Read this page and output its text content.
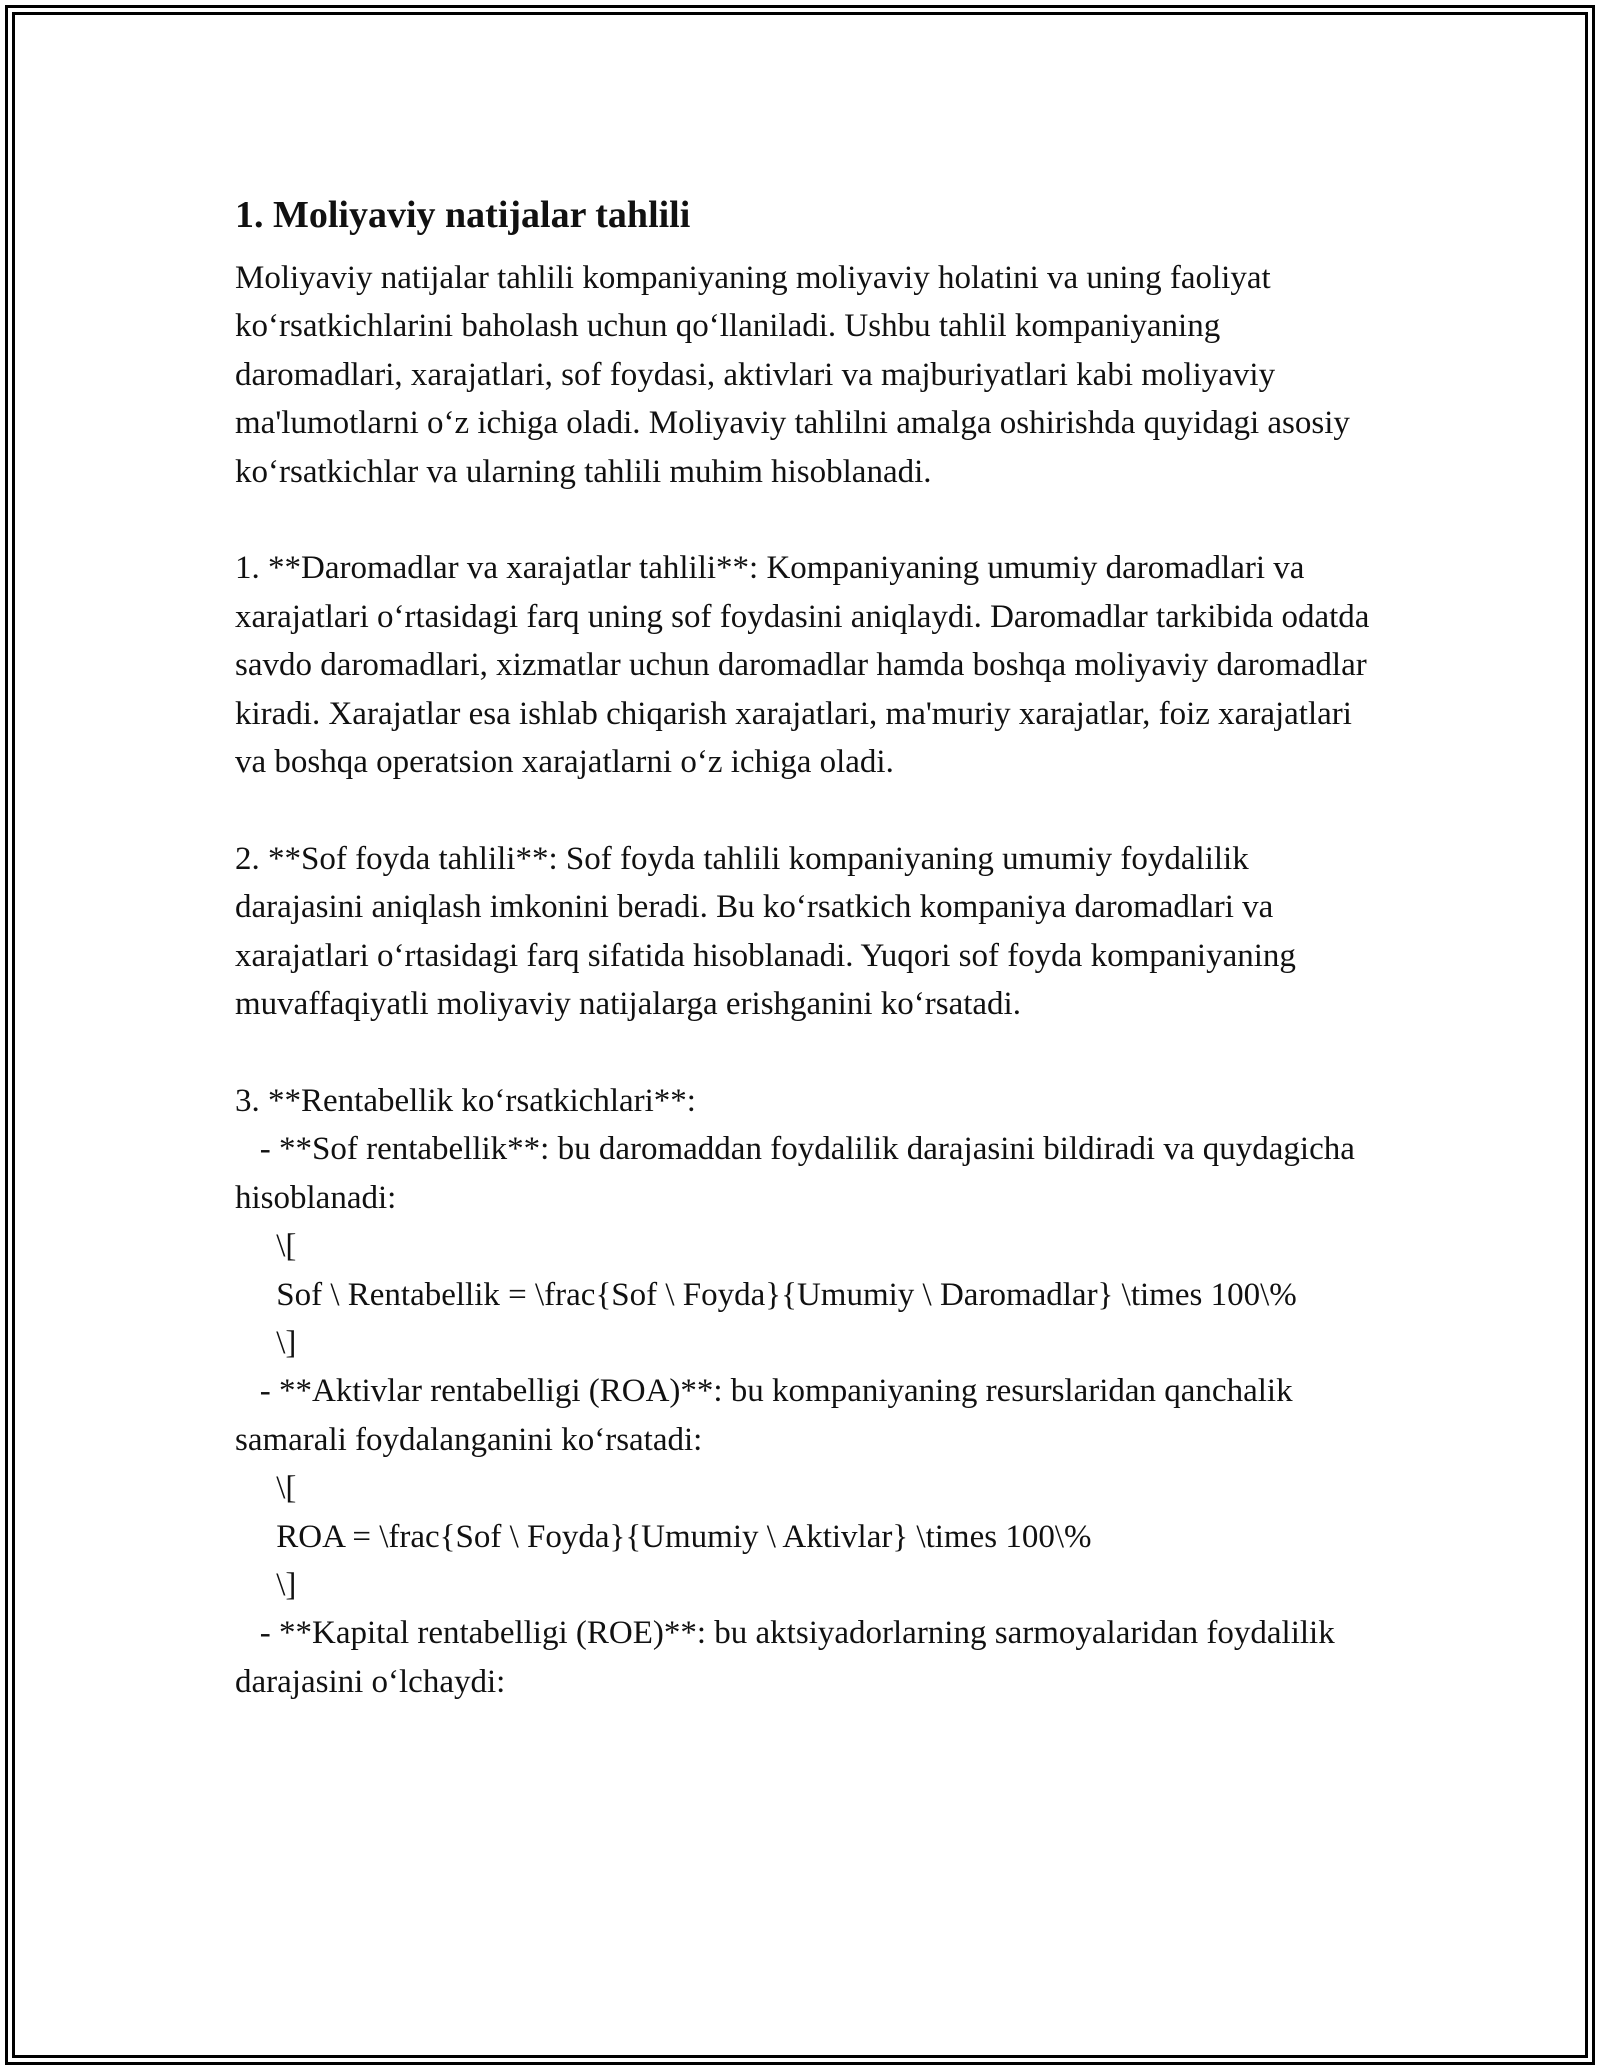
1. Moliyaviy natijalar tahlili

Moliyaviy natijalar tahlili kompaniyaning moliyaviy holatini va uning faoliyat ko‘rsatkichlarini baholash uchun qo‘llaniladi. Ushbu tahlil kompaniyaning daromadlari, xarajatlari, sof foydasi, aktivlari va majburiyatlari kabi moliyaviy ma'lumotlarni o‘z ichiga oladi. Moliyaviy tahlilni amalga oshirishda quyidagi asosiy ko‘rsatkichlar va ularning tahlili muhim hisoblanadi.

1. **Daromadlar va xarajatlar tahlili**: Kompaniyaning umumiy daromadlari va xarajatlari o‘rtasidagi farq uning sof foydasini aniqlaydi. Daromadlar tarkibida odatda savdo daromadlari, xizmatlar uchun daromadlar hamda boshqa moliyaviy daromadlar kiradi. Xarajatlar esa ishlab chiqarish xarajatlari, ma'muriy xarajatlar, foiz xarajatlari va boshqa operatsion xarajatlarni o‘z ichiga oladi.

2. **Sof foyda tahlili**: Sof foyda tahlili kompaniyaning umumiy foydalilik darajasini aniqlash imkonini beradi. Bu ko‘rsatkich kompaniya daromadlari va xarajatlari o‘rtasidagi farq sifatida hisoblanadi. Yuqori sof foyda kompaniyaning muvaffaqiyatli moliyaviy natijalarga erishganini ko‘rsatadi.

3. **Rentabellik ko‘rsatkichlari**:
- **Sof rentabellik**: bu daromaddan foydalilik darajasini bildiradi va quydagicha hisoblanadi:
\[
Sof \ Rentabellik = \frac{Sof \ Foyda}{Umumiy \ Daromadlar} \times 100\%
\]
- **Aktivlar rentabelligi (ROA)**: bu kompaniyaning resurslaridan qanchalik samarali foydalanganini ko‘rsatadi:
\[
ROA = \frac{Sof \ Foyda}{Umumiy \ Aktivlar} \times 100\%
\]
- **Kapital rentabelligi (ROE)**: bu aktsiyadorlarning sarmoyalaridan foydalilik darajasini o‘lchaydi:
